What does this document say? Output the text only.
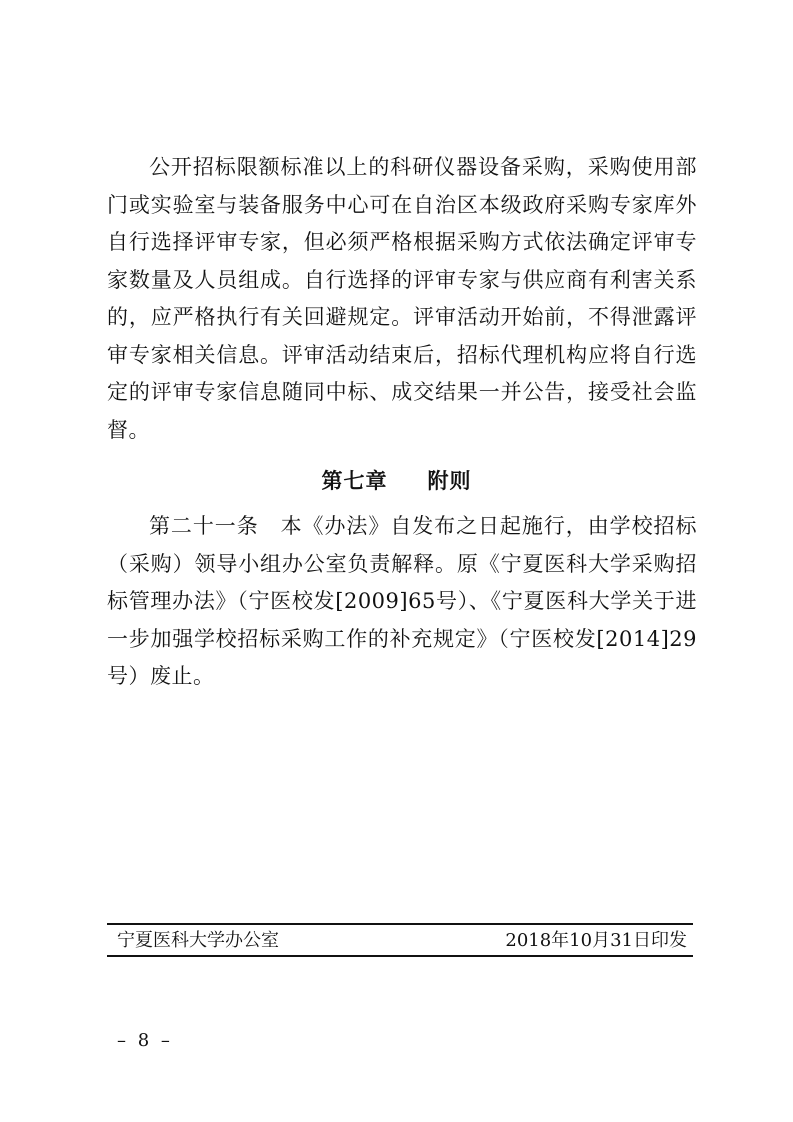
公开招标限额标准以上的科研仪器设备采购，采购使用部门或实验室与装备服务中心可在自治区本级政府采购专家库外自行选择评审专家，但必须严格根据采购方式依法确定评审专家数量及人员组成。自行选择的评审专家与供应商有利害关系的，应严格执行有关回避规定。评审活动开始前，不得泄露评审专家相关信息。评审活动结束后，招标代理机构应将自行选定的评审专家信息随同中标、成交结果一并公告，接受社会监督。

第七章 附则

第二十一条　本《办法》自发布之日起施行，由学校招标（采购）领导小组办公室负责解释。原《宁夏医科大学采购招标管理办法》（宁医校发[2009]65号）、《宁夏医科大学关于进一步加强学校招标采购工作的补充规定》（宁医校发[2014]29号）废止。

宁夏医科大学办公室	2018年10月31日印发
– 8 –
